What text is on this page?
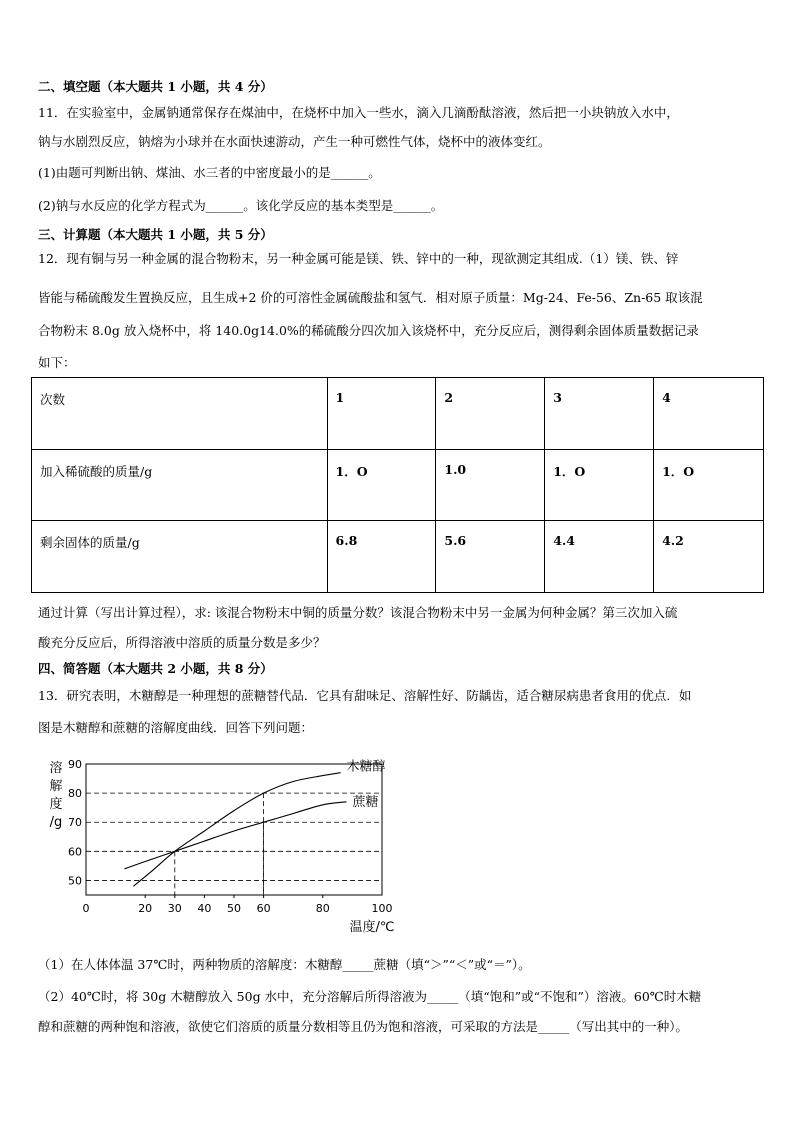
二、填空题（本大题共 1 小题，共 4 分）
11．在实验室中，金属钠通常保存在煤油中，在烧杯中加入一些水，滴入几滴酚酞溶液，然后把一小块钠放入水中，
钠与水剧烈反应，钠熔为小球并在水面快速游动，产生一种可燃性气体，烧杯中的液体变红。
(1)由题可判断出钠、煤油、水三者的中密度最小的是______。
(2)钠与水反应的化学方程式为______。该化学反应的基本类型是______。
三、计算题（本大题共 1 小题，共 5 分）
12．现有铜与另一种金属的混合物粉末，另一种金属可能是镁、铁、锌中的一种，现欲测定其组成.（1）镁、铁、锌
皆能与稀硫酸发生置换反应，且生成+2 价的可溶性金属硫酸盐和氢气．相对原子质量：Mg-24、Fe-56、Zn-65 取该混
合物粉末 8.0g 放入烧杯中，将 140.0g14.0%的稀硫酸分四次加入该烧杯中，充分反应后，测得剩余固体质量数据记录
如下：
次数	1	2	3	4
加入稀硫酸的质量/g	1．O	1.0	1．O	1．O
剩余固体的质量/g	6.8	5.6	4.4	4.2
通过计算（写出计算过程），求: 该混合物粉末中铜的质量分数？该混合物粉末中另一金属为何种金属？第三次加入硫
酸充分反应后，所得溶液中溶质的质量分数是多少？
四、简答题（本大题共 2 小题，共 8 分）
13．研究表明，木糖醇是一种理想的蔗糖替代品．它具有甜味足、溶解性好、防龋齿，适合糖尿病患者食用的优点．如
图是木糖醇和蔗糖的溶解度曲线．回答下列问题：
50
60
70
80
90
0	20 30 40 50 60	80	100
木糖醇
蔗糖
溶
解
度
/g
温度/℃
（1）在人体体温 37℃时，两种物质的溶解度：木糖醇_____蔗糖（填“＞”“＜”或“＝”）。
（2）40℃时，将 30g 木糖醇放入 50g 水中，充分溶解后所得溶液为_____（填“饱和”或“不饱和”）溶液。60℃时木糖
醇和蔗糖的两种饱和溶液，欲使它们溶质的质量分数相等且仍为饱和溶液，可采取的方法是_____（写出其中的一种）。
